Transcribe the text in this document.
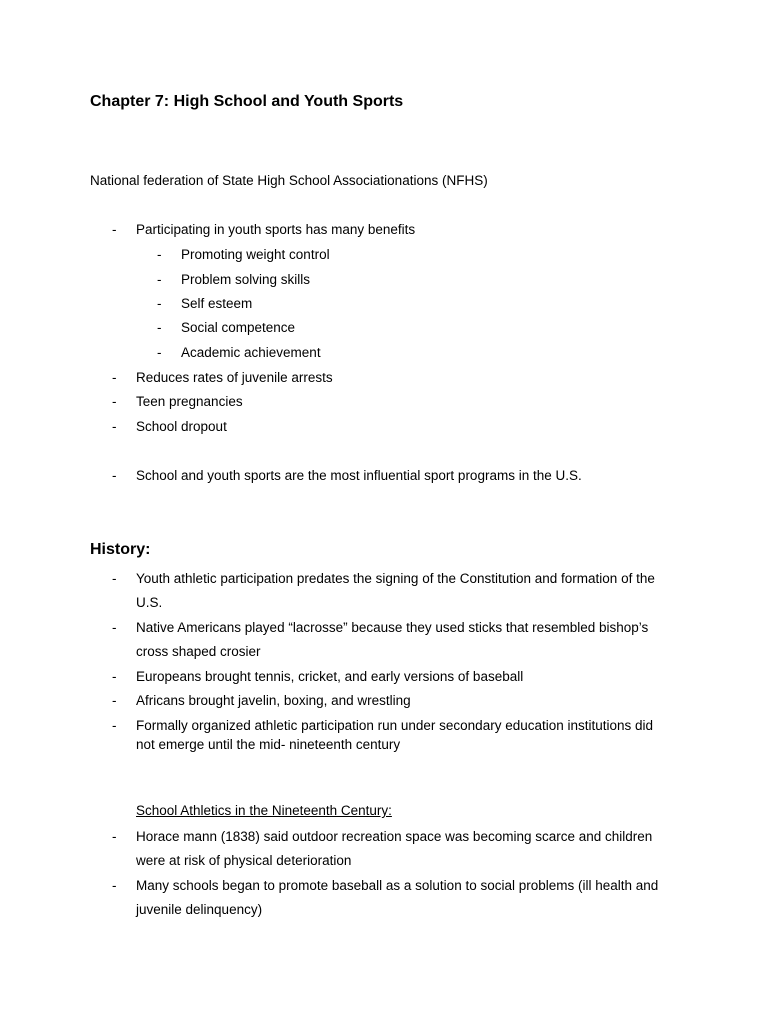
Chapter 7: High School and Youth Sports

National federation of State High School Associationations (NFHS)

- Participating in youth sports has many benefits
- Promoting weight control
- Problem solving skills
- Self esteem
- Social competence
- Academic achievement
- Reduces rates of juvenile arrests
- Teen pregnancies
- School dropout
- School and youth sports are the most influential sport programs in the U.S.
History:
- Youth athletic participation predates the signing of the Constitution and formation of the U.S.
- Native Americans played “lacrosse” because they used sticks that resembled bishop’s cross shaped crosier
- Europeans brought tennis, cricket, and early versions of baseball
- Africans brought javelin, boxing, and wrestling
- Formally organized athletic participation run under secondary education institutions did not emerge until the mid- nineteenth century

School Athletics in the Nineteenth Century:

- Horace mann (1838) said outdoor recreation space was becoming scarce and children were at risk of physical deterioration
- Many schools began to promote baseball as a solution to social problems (ill health and juvenile delinquency)
